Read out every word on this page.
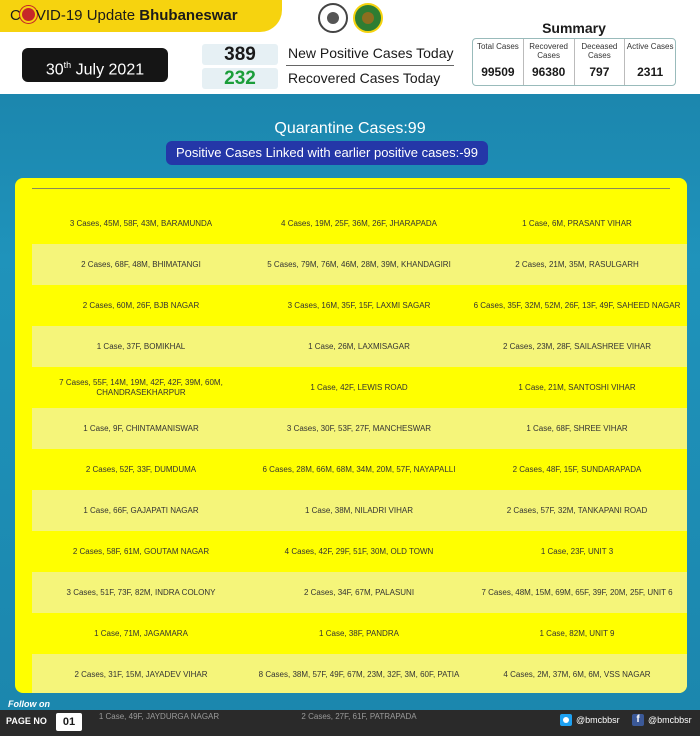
C VID-19 Update Bhubaneswar
30th July 2021
389	New Positive Cases Today
232	Recovered Cases Today
Summary
Total Cases
99509
Recovered Cases
96380
Deceased Cases
797
Active Cases
2311
Quarantine Cases:99
Positive Cases Linked with earlier positive cases:-99
3 Cases, 45M, 58F, 43M, BARAMUNDA	4 Cases, 19M, 25F, 36M, 26F, JHARAPADA	1 Case, 6M, PRASANT VIHAR
2 Cases, 68F, 48M, BHIMATANGI	5 Cases, 79M, 76M, 46M, 28M, 39M, KHANDAGIRI	2 Cases, 21M, 35M, RASULGARH
2 Cases, 60M, 26F, BJB NAGAR	3 Cases, 16M, 35F, 15F, LAXMI SAGAR	6 Cases, 35F, 32M, 52M, 26F, 13F, 49F, SAHEED NAGAR
1 Case, 37F, BOMIKHAL	1 Case, 26M, LAXMISAGAR	2 Cases, 23M, 28F, SAILASHREE VIHAR
7 Cases, 55F, 14M, 19M, 42F, 42F, 39M, 60M, CHANDRASEKHARPUR
1 Case, 42F, LEWIS ROAD	1 Case, 21M, SANTOSHI VIHAR
1 Case, 9F, CHINTAMANISWAR	3 Cases, 30F, 53F, 27F, MANCHESWAR	1 Case, 68F, SHREE VIHAR
2 Cases, 52F, 33F, DUMDUMA	6 Cases, 28M, 66M, 68M, 34M, 20M, 57F, NAYAPALLI	2 Cases, 48F, 15F, SUNDARAPADA
1 Case, 66F, GAJAPATI NAGAR	1 Case, 38M, NILADRI VIHAR	2 Cases, 57F, 32M, TANKAPANI ROAD
2 Cases, 58F, 61M, GOUTAM NAGAR	4 Cases, 42F, 29F, 51F, 30M, OLD TOWN	1 Case, 23F, UNIT 3
3 Cases, 51F, 73F, 82M, INDRA COLONY	2 Cases, 34F, 67M, PALASUNI	7 Cases, 48M, 15M, 69M, 65F, 39F, 20M, 25F, UNIT 6
1 Case, 71M, JAGAMARA	1 Case, 38F, PANDRA	1 Case, 82M, UNIT 9
2 Cases, 31F, 15M, JAYADEV VIHAR	8 Cases, 38M, 57F, 49F, 67M, 23M, 32F, 3M, 60F, PATIA	4 Cases, 2M, 37M, 6M, 6M, VSS NAGAR
Follow on
PAGE NO	01	1 Case, 49F, JAYDURGA NAGAR	2 Cases, 27F, 61F, PATRAPADA	@bmcbbsr
f	@bmcbbsr
